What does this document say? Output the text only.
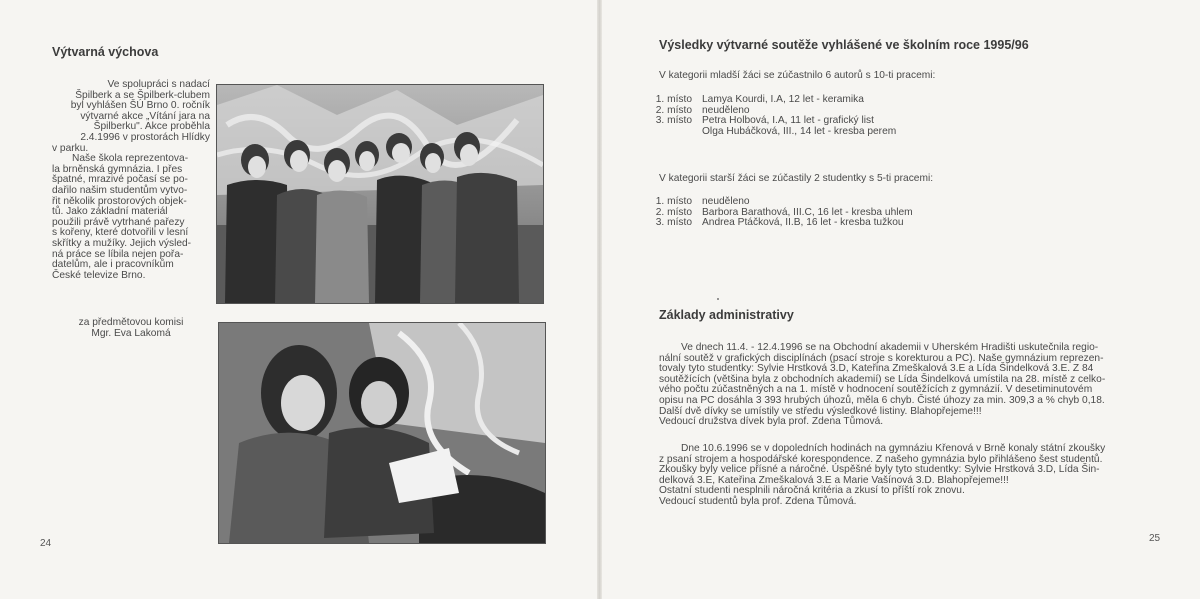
Výtvarná výchova
Ve spolupráci s nadací
Špilberk a se Špilberk-clubem
byl vyhlášen ŠÚ Brno 0. ročník
výtvarné akce „Vítání jara na
Špilberku". Akce proběhla
2.4.1996 v prostorách Hlídky
v parku.
Naše škola reprezentova-
la brněnská gymnázia. I přes
špatné, mrazivé počasí se po-
dařilo našim studentům vytvo-
řit několik prostorových objek-
tů. Jako základní materiál
použili právě vytrhané pařezy
s kořeny, které dotvořili v lesní
skřítky a mužíky. Jejich výsled-
ná práce se líbila nejen pořa-
datelům, ale i pracovníkům
České televize Brno.
za předmětovou komisi
Mgr. Eva Lakomá
24
Výsledky výtvarné soutěže vyhlášené ve školním roce 1995/96
V kategorii mladší žáci se zúčastnilo 6 autorů s 10-ti pracemi:
1. místo Lamya Kourdi, I.A, 12 let - keramika
2. místo neuděleno
3. místo Petra Holbová, I.A, 11 let - grafický list
Olga Hubáčková, III., 14 let - kresba perem
V kategorii starší žáci se zúčastily 2 studentky s 5-ti pracemi:
1. místo neuděleno
2. místo Barbora Barathová, III.C, 16 let - kresba uhlem
3. místo Andrea Ptáčková, II.B, 16 let - kresba tužkou
Základy administrativy
Ve dnech 11.4. - 12.4.1996 se na Obchodní akademii v Uherském Hradišti uskutečnila regio-
nální soutěž v grafických disciplínách (psací stroje s korekturou a PC). Naše gymnázium reprezen-
tovaly tyto studentky: Sylvie Hrstková 3.D, Kateřina Zmeškalová 3.E a Lída Šindelková 3.E. Z 84
soutěžících (většina byla z obchodních akademií) se Lída Šindelková umístila na 28. místě z celko-
vého počtu zúčastněných a na 1. místě v hodnocení soutěžících z gymnázií. V desetiminutovém
opisu na PC dosáhla 3 393 hrubých úhozů, měla 6 chyb. Čisté úhozy za min. 309,3 a % chyb 0,18.
Další dvě dívky se umístily ve středu výsledkové listiny. Blahopřejeme!!!
Vedoucí družstva dívek byla prof. Zdena Tůmová.
Dne 10.6.1996 se v dopoledních hodinách na gymnáziu Křenová v Brně konaly státní zkoušky
z psaní strojem a hospodářské korespondence. Z našeho gymnázia bylo přihlášeno šest studentů.
Zkoušky byly velice přísné a náročné. Úspěšné byly tyto studentky: Sylvie Hrstková 3.D, Lída Šin-
delková 3.E, Kateřina Zmeškalová 3.E a Marie Vašínová 3.D. Blahopřejeme!!!
Ostatní studenti nesplnili náročná kritéria a zkusí to příští rok znovu.
Vedoucí studentů byla prof. Zdena Tůmová.
25
